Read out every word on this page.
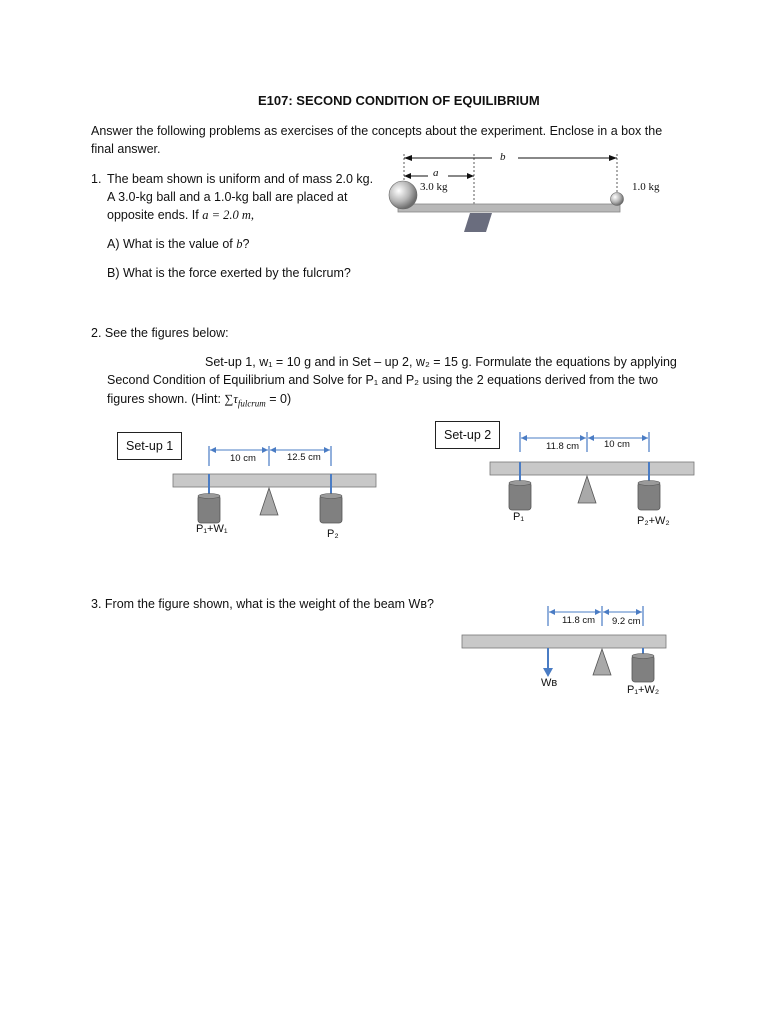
E107: SECOND CONDITION OF EQUILIBRIUM
Answer the following problems as exercises of the concepts about the experiment. Enclose in a box the
final answer.
1. The beam shown is uniform and of mass 2.0 kg.
A 3.0-kg ball and a 1.0-kg ball are placed at
opposite ends. If a = 2.0 m,
A) What is the value of b?
B) What is the force exerted by the fulcrum?
a
b
3.0 kg	1.0 kg
2. See the figures below:
Set-up 1, w₁ = 10 g and in Set – up 2, w₂ = 15 g. Formulate the equations by applying
Second Condition of Equilibrium and Solve for P₁ and P₂ using the 2 equations derived from the two
figures shown. (Hint: $\sum\tau_{fulcrum} = 0$)
Set-up 1
10 cm	12.5 cm
P₁+W₁	P₂
Set-up 2
11.8 cm	10 cm
P₁	P₂+W₂
3. From the figure shown, what is the weight of the beam Wʙ?
11.8 cm 9.2 cm
Wʙ
P₁+W₂
